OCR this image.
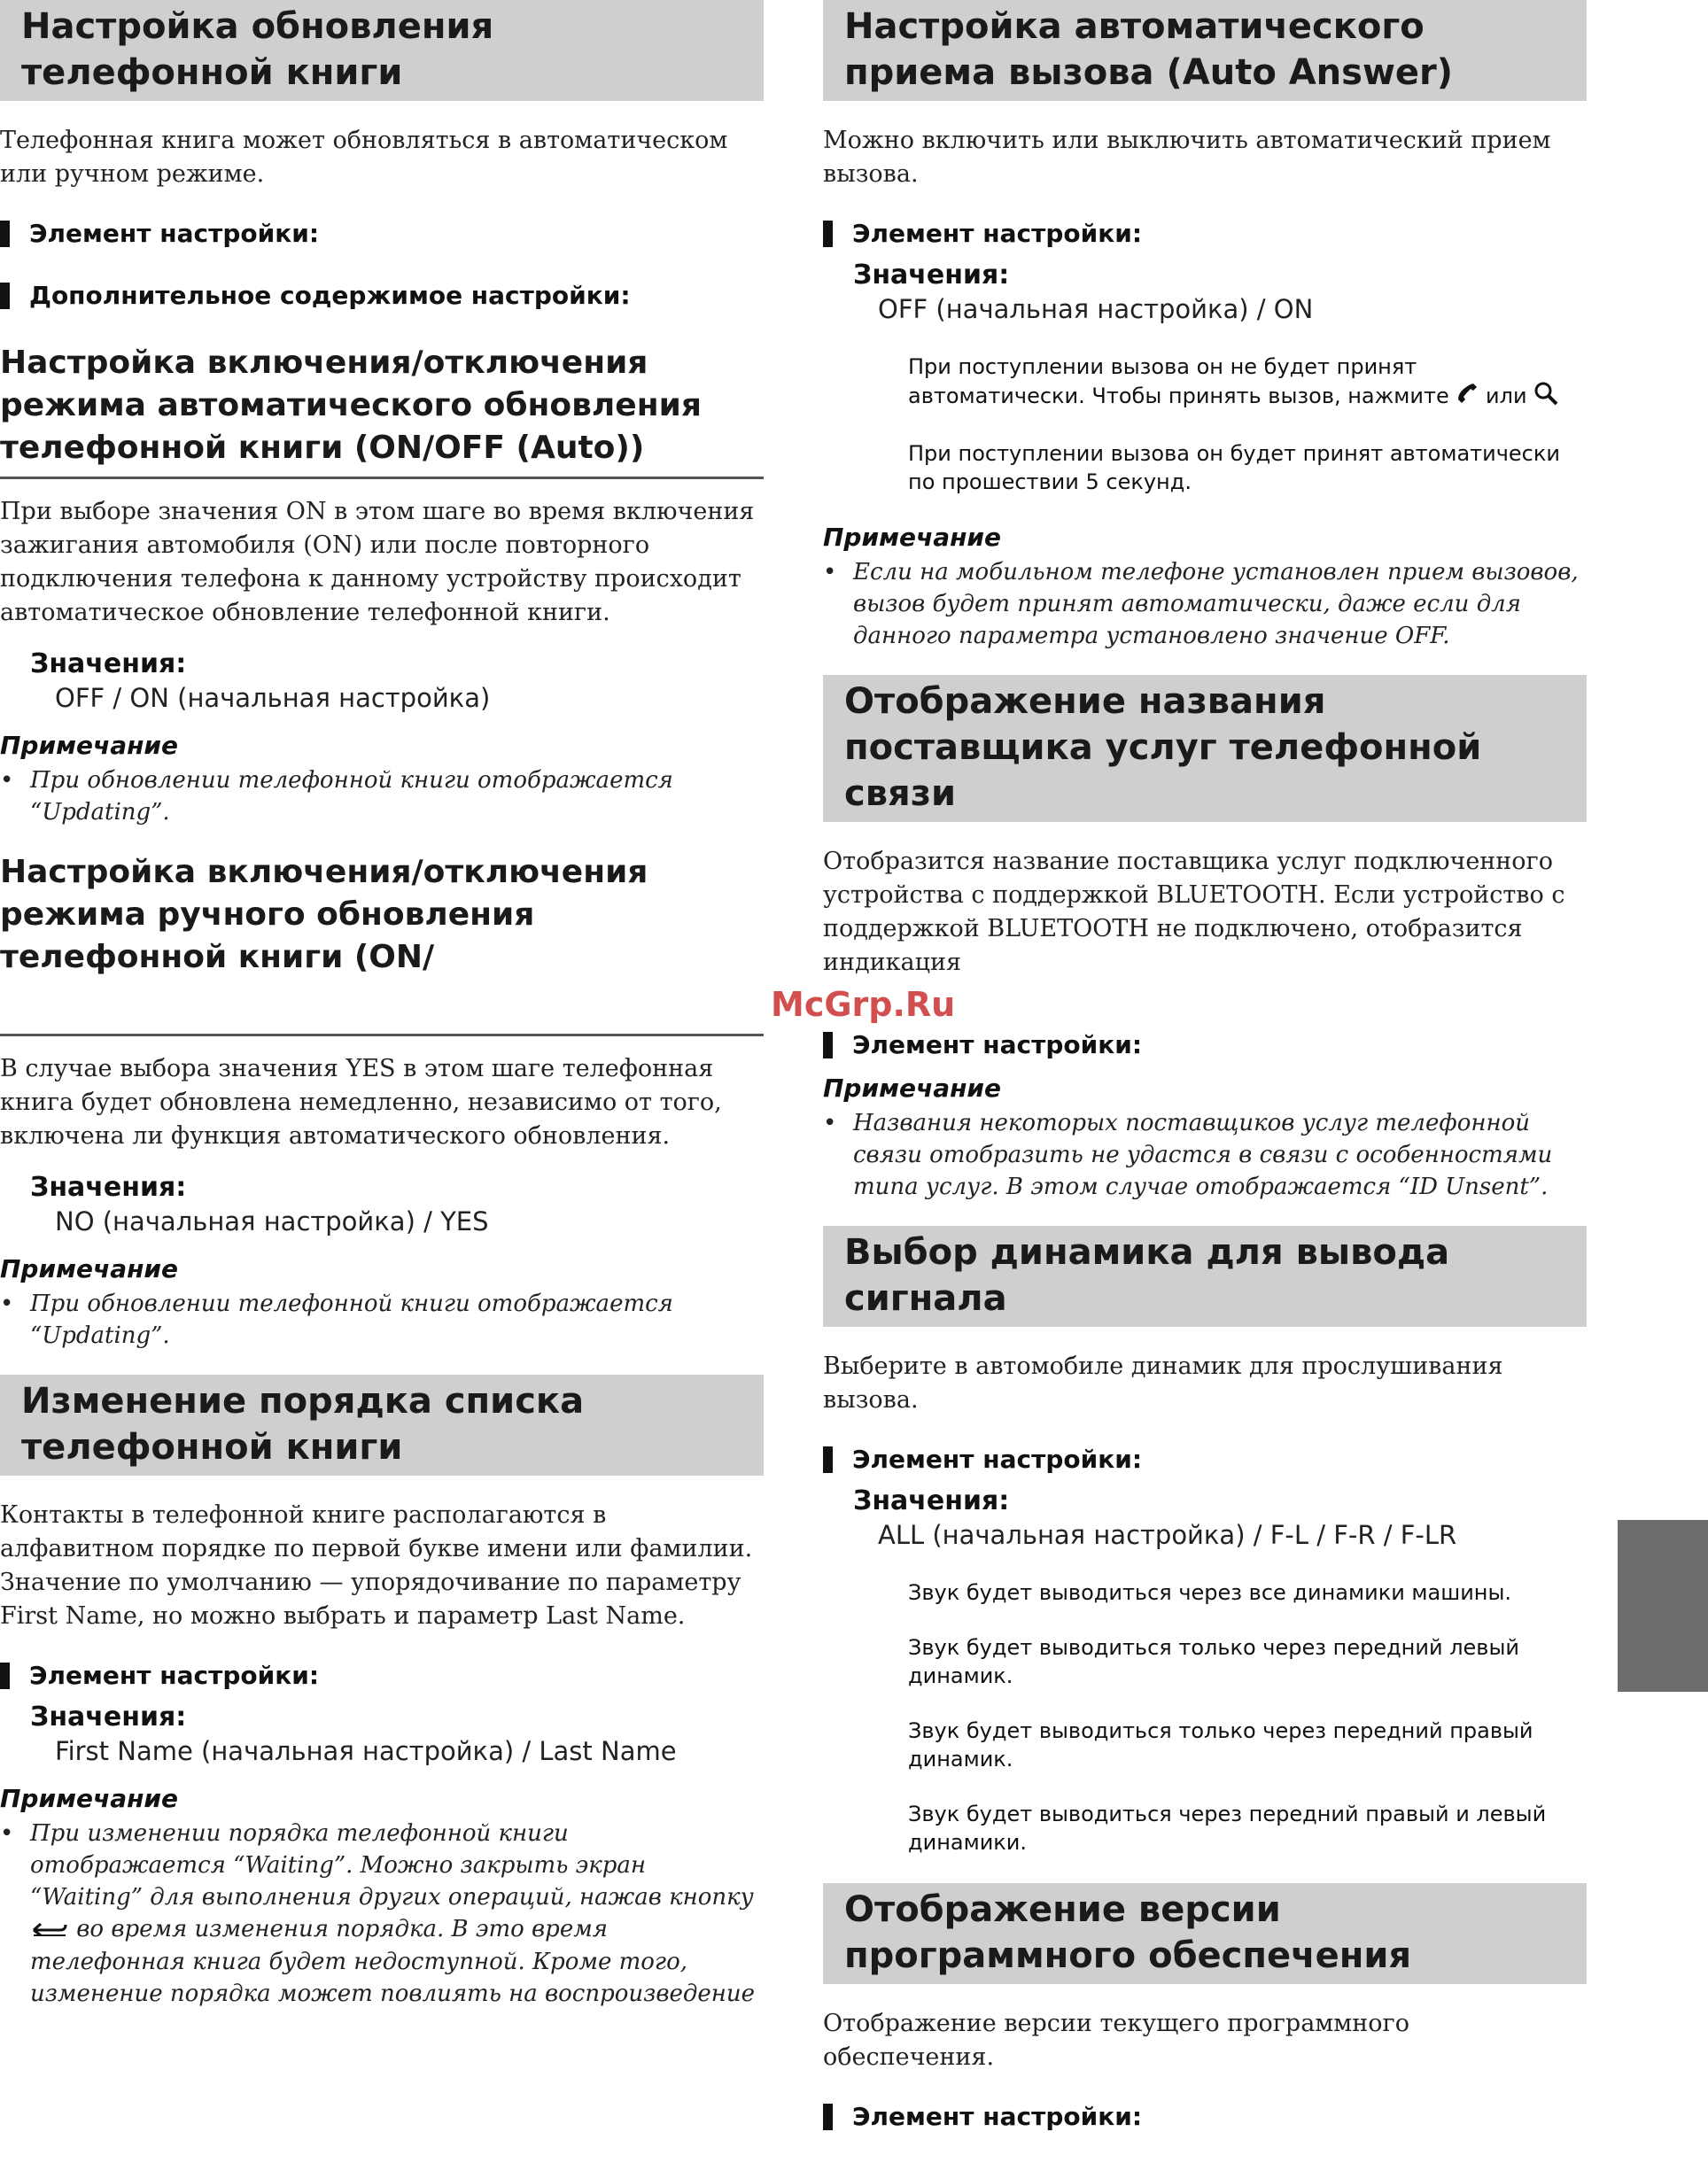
Настройка обновления телефонной книги

Телефонная книга может обновляться в автоматическом или ручном режиме.

Элемент настройки:
Дополнительное содержимое настройки:
Настройка включения/отключения режима автоматического обновления телефонной книги (ON/OFF (Auto))

При выборе значения ON в этом шаге во время включения зажигания автомобиля (ON) или после повторного подключения телефона к данному устройству происходит автоматическое обновление телефонной книги.

Значения:
OFF / ON (начальная настройка)
Примечание
• При обновлении телефонной книги отображается “Updating”.
Настройка включения/отключения режима ручного обновления телефонной книги (ON/

В случае выбора значения YES в этом шаге телефонная книга будет обновлена немедленно, независимо от того, включена ли функция автоматического обновления.

Значения:
NO (начальная настройка) / YES
Примечание
• При обновлении телефонной книги отображается “Updating”.
Изменение порядка списка телефонной книги

Контакты в телефонной книге располагаются в алфавитном порядке по первой букве имени или фамилии.

Значение по умолчанию — упорядочивание по параметру First Name, но можно выбрать и параметр Last Name.

Элемент настройки:
Значения:
First Name (начальная настройка) / Last Name
Примечание
• При изменении порядка телефонной книги отображается “Waiting”. Можно закрыть экран “Waiting” для выполнения других операций, нажав кнопку  во время изменения порядка. В это время телефонная книга будет недоступной. Кроме того, изменение порядка может повлиять на воспроизведение
Настройка автоматического приема вызова (Auto Answer)

Можно включить или выключить автоматический прием вызова.

Элемент настройки:
Значения:
OFF (начальная настройка) / ON
При поступлении вызова он не будет принят автоматически. Чтобы принять вызов, нажмите или
При поступлении вызова он будет принят автоматически по прошествии 5 секунд.
Примечание
• Если на мобильном телефоне установлен прием вызовов, вызов будет принят автоматически, даже если для данного параметра установлено значение OFF.
Отображение названия поставщика услуг телефонной связи

Отобразится название поставщика услуг подключенного устройства с поддержкой BLUETOOTH. Если устройство с поддержкой BLUETOOTH не подключено, отобразится индикация

Элемент настройки:
Примечание
• Названия некоторых поставщиков услуг телефонной связи отобразить не удастся в связи с особенностями типа услуг. В этом случае отображается “ID Unsent”.
Выбор динамика для вывода сигнала

Выберите в автомобиле динамик для прослушивания вызова.

Элемент настройки:
Значения:
ALL (начальная настройка) / F-L / F-R / F-LR
Звук будет выводиться через все динамики машины.
Звук будет выводиться только через передний левый динамик.
Звук будет выводиться только через передний правый динамик.
Звук будет выводиться через передний правый и левый динамики.
Отображение версии программного обеспечения

Отображение версии текущего программного обеспечения.

Элемент настройки:
McGrp.Ru
